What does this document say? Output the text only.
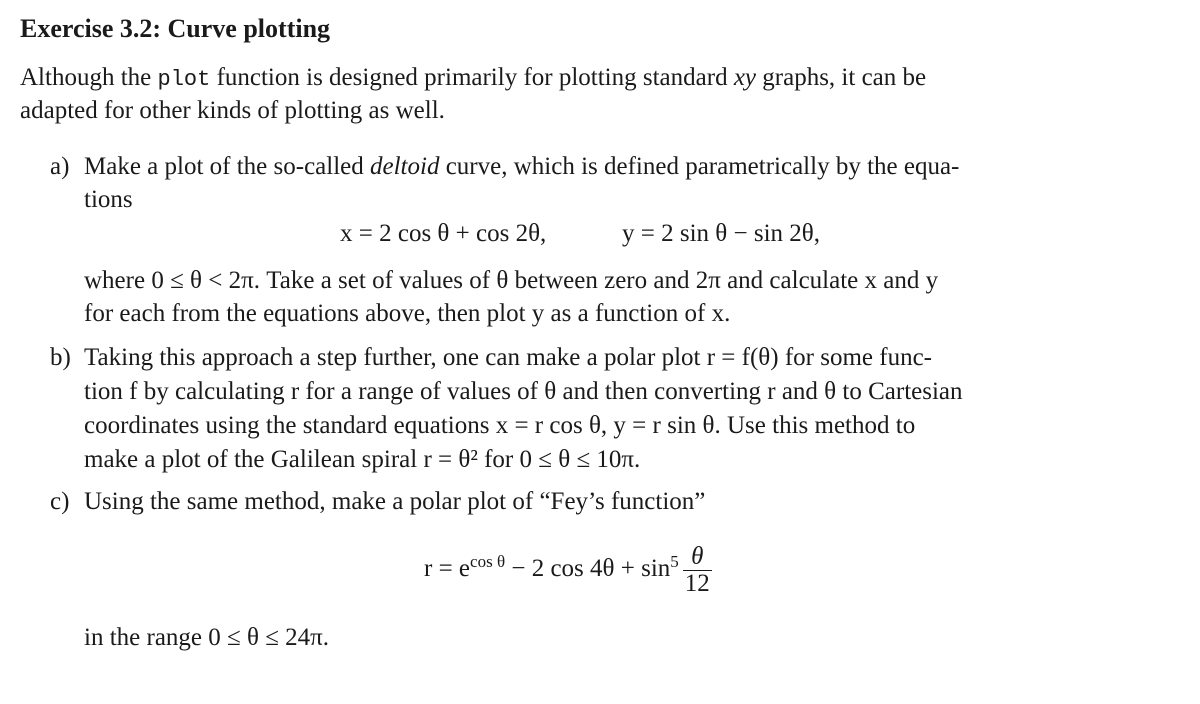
Exercise 3.2: Curve plotting
Although the plot function is designed primarily for plotting standard xy graphs, it can be
adapted for other kinds of plotting as well.
a) Make a plot of the so-called deltoid curve, which is defined parametrically by the equa-
tions
x = 2 cos θ + cos 2θ,	y = 2 sin θ − sin 2θ,
where 0 ≤ θ < 2π. Take a set of values of θ between zero and 2π and calculate x and y
for each from the equations above, then plot y as a function of x.
b) Taking this approach a step further, one can make a polar plot r = f(θ) for some func-
tion f by calculating r for a range of values of θ and then converting r and θ to Cartesian
coordinates using the standard equations x = r cos θ, y = r sin θ. Use this method to
make a plot of the Galilean spiral r = θ² for 0 ≤ θ ≤ 10π.
c) Using the same method, make a polar plot of “Fey’s function”
$r = e^{cos \theta} - 2$ $\cos 4\theta + \sin^5 \frac{\theta}{12}$
in the range 0 ≤ θ ≤ 24π.
